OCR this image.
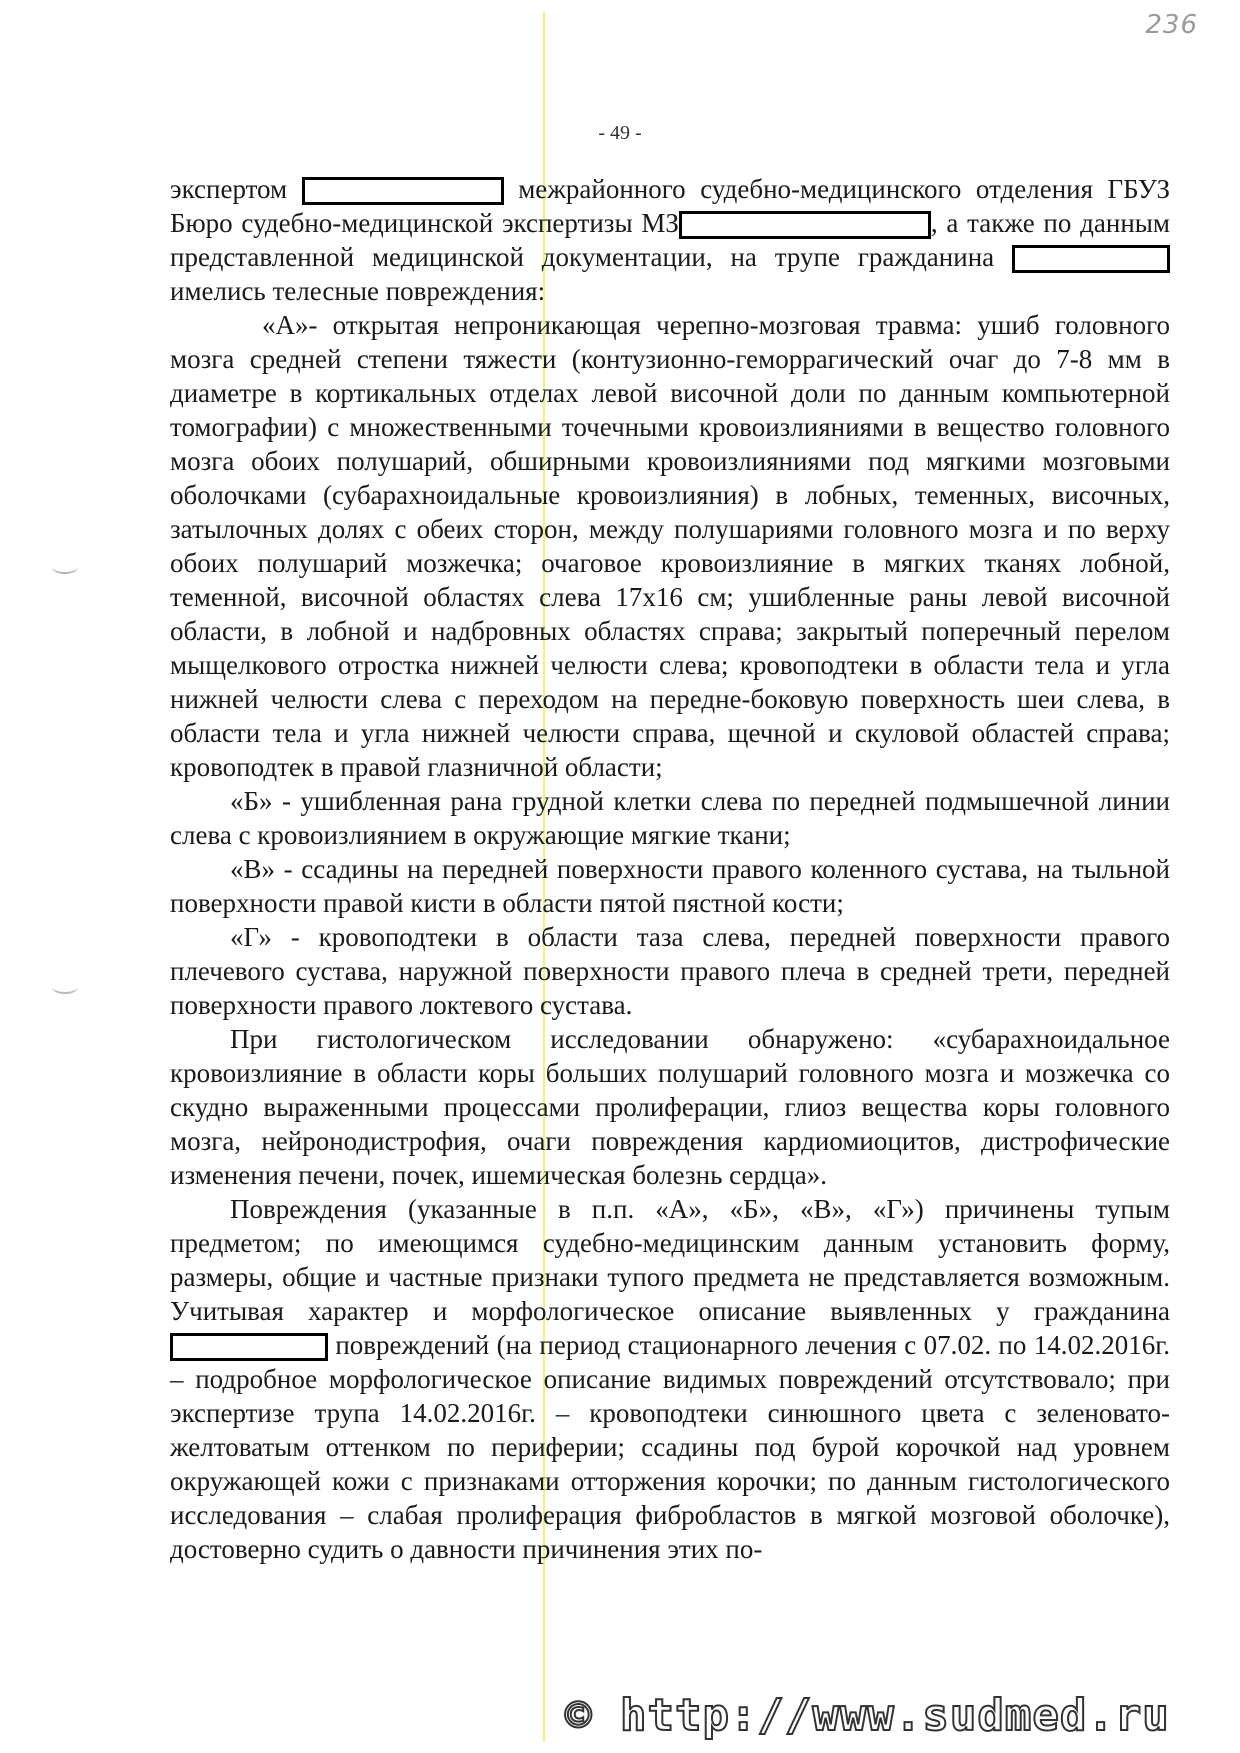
236
- 49 -

экспертом	межрайонного судебно-медицинского отделения ГБУЗ Бюро судебно-медицинской экспертизы МЗ	, а также по данным представленной медицинской документации, на трупе гражданина  имелись телесные повреждения:

«А»- открытая непроникающая черепно-мозговая травма: ушиб головного мозга средней степени тяжести (контузионно-геморрагический очаг до 7-8 мм в диаметре в кортикальных отделах левой височной доли по данным компьютерной томографии) с множественными точечными кровоизлияниями в вещество головного мозга обоих полушарий, обширными кровоизлияниями под мягкими мозговыми оболочками (субарахноидальные кровоизлияния) в лобных, теменных, височных, затылочных долях с обеих сторон, между полушариями головного мозга и по верху обоих полушарий мозжечка; очаговое кровоизлияние в мягких тканях лобной, теменной, височной областях слева 17х16 см; ушибленные раны левой височной области, в лобной и надбровных областях справа; закрытый поперечный перелом мыщелкового отростка нижней челюсти слева; кровоподтеки в области тела и угла нижней челюсти слева с переходом на передне-боковую поверхность шеи слева, в области тела и угла нижней челюсти справа, щечной и скуловой областей справа; кровоподтек в правой глазничной области;

«Б» - ушибленная рана грудной клетки слева по передней подмышечной линии слева с кровоизлиянием в окружающие мягкие ткани;

«В» - ссадины на передней поверхности правого коленного сустава, на тыльной поверхности правой кисти в области пятой пястной кости;

«Г» - кровоподтеки в области таза слева, передней поверхности правого плечевого сустава, наружной поверхности правого плеча в средней трети, передней поверхности правого локтевого сустава.

При гистологическом исследовании обнаружено: «субарахноидальное кровоизлияние в области коры больших полушарий головного мозга и мозжечка со скудно выраженными процессами пролиферации, глиоз вещества коры головного мозга, нейронодистрофия, очаги повреждения кардиомиоцитов, дистрофические изменения печени, почек, ишемическая болезнь сердца».

Повреждения (указанные в п.п. «А», «Б», «В», «Г») причинены тупым предметом; по имеющимся судебно-медицинским данным установить форму, размеры, общие и частные признаки тупого предмета не представляется возможным. Учитывая характер и морфологическое описание выявленных у гражданина  повреждений (на период стационарного лечения с 07.02. по 14.02.2016г. – подробное морфологическое описание видимых повреждений отсутствовало; при экспертизе трупа 14.02.2016г. – кровоподтеки синюшного цвета с зеленовато-желтоватым оттенком по периферии; ссадины под бурой корочкой над уровнем окружающей кожи с признаками отторжения корочки; по данным гистологического исследования – слабая пролиферация фибробластов в мягкой мозговой оболочке), достоверно судить о давности причинения этих по-

© http://www.sudmed.ru
